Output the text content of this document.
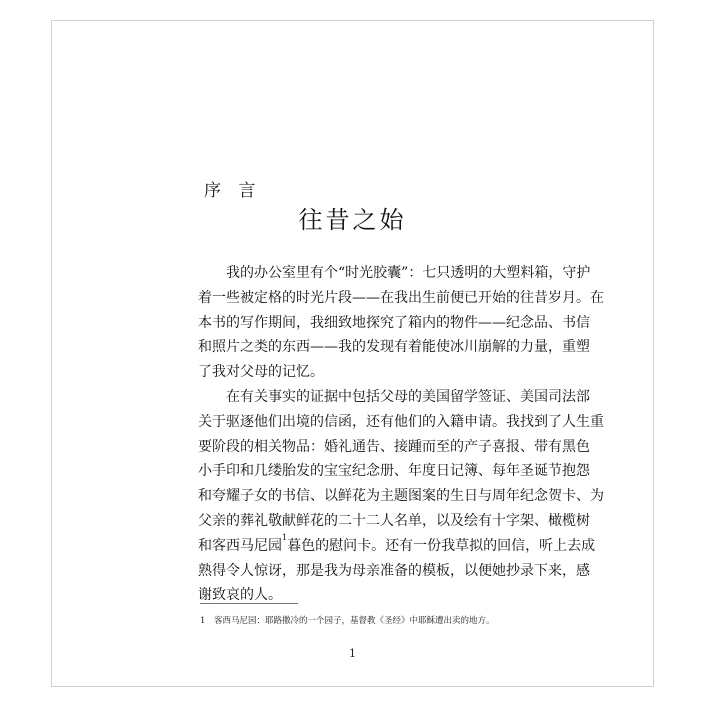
序 言
往昔之始
我的办公室里有个“时光胶囊”：七只透明的大塑料箱，守护
着一些被定格的时光片段——在我出生前便已开始的往昔岁月。在
本书的写作期间，我细致地探究了箱内的物件——纪念品、书信
和照片之类的东西——我的发现有着能使冰川崩解的力量，重塑
了我对父母的记忆。
在有关事实的证据中包括父母的美国留学签证、美国司法部
关于驱逐他们出境的信函，还有他们的入籍申请。我找到了人生重
要阶段的相关物品：婚礼通告、接踵而至的产子喜报、带有黑色
小手印和几缕胎发的宝宝纪念册、年度日记簿、每年圣诞节抱怨
和夸耀子女的书信、以鲜花为主题图案的生日与周年纪念贺卡、为
父亲的葬礼敬献鲜花的二十二人名单，以及绘有十字架、橄榄树
和客西马尼园$^1$暮色的慰问卡。还有一份我草拟的回信，听上去成
熟得令人惊讶，那是我为母亲准备的模板，以便她抄录下来，感
谢致哀的人。
1 客西马尼园：耶路撒冷的一个园子，基督教《圣经》中耶稣遭出卖的地方。
1
